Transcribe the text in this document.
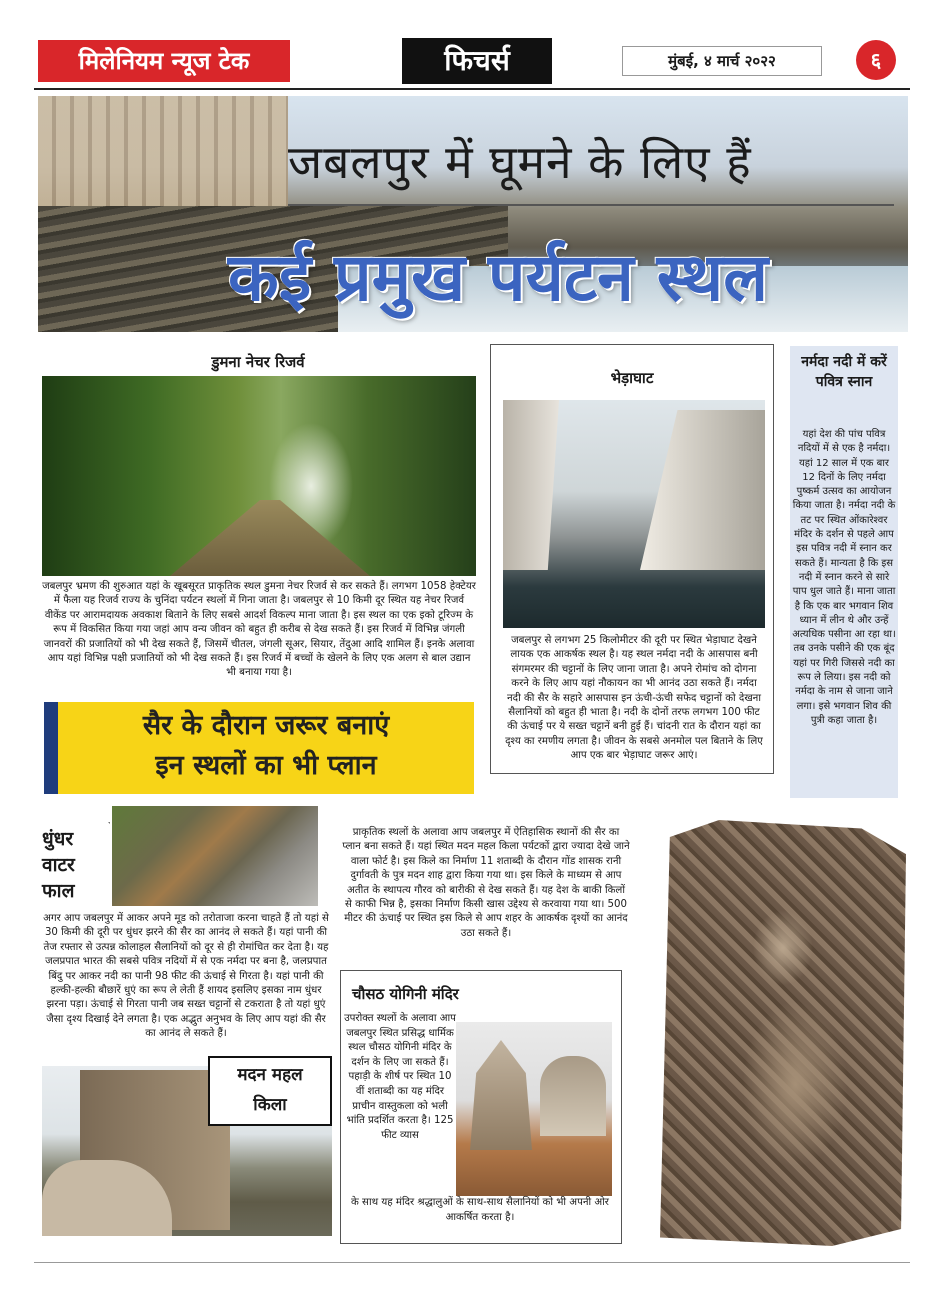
मिलेनियम न्यूज टेक	फिचर्स	मुंबई, ४ मार्च २०२२	६
जबलपुर में घूमने के लिए हैं
कई प्रमुख पर्यटन स्थल
डुमना नेचर रिजर्व
जबलपुर भ्रमण की शुरुआत यहां के खूबसूरत प्राकृतिक स्थल डुमना नेचर रिजर्व से कर सकते हैं। लगभग 1058 हेक्टेयर में फैला यह रिजर्व राज्य के चुनिंदा पर्यटन स्थलों में गिना जाता है। जबलपुर से 10 किमी दूर स्थित यह नेचर रिजर्व वीकेंड पर आरामदायक अवकाश बिताने के लिए सबसे आदर्श विकल्प माना जाता है। इस स्थल का एक इको टूरिज्म के रूप में विकसित किया गया जहां आप वन्य जीवन को बहुत ही करीब से देख सकते हैं। इस रिजर्व में विभिन्न जंगली जानवरों की प्रजातियों को भी देख सकते हैं, जिसमें चीतल, जंगली सूअर, सियार, तेंदुआ आदि शामिल हैं। इनके अलावा आप यहां विभिन्न पक्षी प्रजातियों को भी देख सकते हैं। इस रिजर्व में बच्चों के खेलने के लिए एक अलग से बाल उद्यान भी बनाया गया है।
भेड़ाघाट
जबलपुर से लगभग 25 किलोमीटर की दूरी पर स्थित भेड़ाघाट देखने लायक एक आकर्षक स्थल है। यह स्थल नर्मदा नदी के आसपास बनी संगमरमर की चट्टानों के लिए जाना जाता है। अपने रोमांच को दोगना करने के लिए आप यहां नौकायन का भी आनंद उठा सकते हैं। नर्मदा नदी की सैर के सहारे आसपास इन ऊंची-ऊंची सफेद चट्टानों को देखना सैलानियों को बहुत ही भाता है। नदी के दोनों तरफ लगभग 100 फीट की ऊंचाई पर ये सख्त चट्टानें बनी हुई हैं। चांदनी रात के दौरान यहां का दृश्य का रमणीय लगता है। जीवन के सबसे अनमोल पल बिताने के लिए आप एक बार भेड़ाघाट जरूर आएं।
नर्मदा नदी में करें पवित्र स्नान
यहां देश की पांच पवित्र नदियों में से एक है नर्मदा। यहां 12 साल में एक बार 12 दिनों के लिए नर्मदा पुष्कर्म उत्सव का आयोजन किया जाता है। नर्मदा नदी के तट पर स्थित ओंकारेश्वर मंदिर के दर्शन से पहले आप इस पवित्र नदी में स्नान कर सकते हैं। मान्यता है कि इस नदी में स्नान करने से सारे पाप धुल जाते हैं। माना जाता है कि एक बार भगवान शिव ध्यान में लीन थे और उन्हें अत्यधिक पसीना आ रहा था। तब उनके पसीने की एक बूंद यहां पर गिरी जिससे नदी का रूप ले लिया। इस नदी को नर्मदा के नाम से जाना जाने लगा। इसे भगवान शिव की पुत्री कहा जाता है।
सैर के दौरान जरूर बनाएं
इन स्थलों का भी प्लान
धुंधर वाटर फाल
अगर आप जबलपुर में आकर अपने मूड को तरोताजा करना चाहते हैं तो यहां से 30 किमी की दूरी पर धुंधर झरने की सैर का आनंद ले सकते हैं। यहां पानी की तेज रफ्तार से उत्पन्न कोलाहल सैलानियों को दूर से ही रोमांचित कर देता है। यह जलप्रपात भारत की सबसे पवित्र नदियों में से एक नर्मदा पर बना है, जलप्रपात बिंदु पर आकर नदी का पानी 98 फीट की ऊंचाई से गिरता है। यहां पानी की हल्की-हल्की बौछारें धुएं का रूप ले लेती हैं शायद इसलिए इसका नाम धुंधर झरना पड़ा। ऊंचाई से गिरता पानी जब सख्त चट्टानों से टकराता है तो यहां धुएं जैसा दृश्य दिखाई देने लगता है। एक अद्भुत अनुभव के लिए आप यहां की सैर का आनंद ले सकते हैं।
प्राकृतिक स्थलों के अलावा आप जबलपुर में ऐतिहासिक स्थानों की सैर का प्लान बना सकते हैं। यहां स्थित मदन महल किला पर्यटकों द्वारा ज्यादा देखे जाने वाला फोर्ट है। इस किले का निर्माण 11 शताब्दी के दौरान गोंड शासक रानी दुर्गावती के पुत्र मदन शाह द्वारा किया गया था। इस किले के माध्यम से आप अतीत के स्थापत्य गौरव को बारीकी से देख सकते हैं। यह देश के बाकी किलों से काफी भिन्न है, इसका निर्माण किसी खास उद्देश्य से करवाया गया था। 500 मीटर की ऊंचाई पर स्थित इस किले से आप शहर के आकर्षक दृश्यों का आनंद उठा सकते हैं।
मदन महल
किला
चौसठ योगिनी मंदिर
उपरोक्त स्थलों के अलावा आप जबलपुर स्थित प्रसिद्ध धार्मिक स्थल चौसठ योगिनी मंदिर के दर्शन के लिए जा सकते हैं। पहाड़ी के शीर्ष पर स्थित 10 वीं शताब्दी का यह मंदिर प्राचीन वास्तुकला को भली भांति प्रदर्शित करता है। 125 फीट व्यास
के साथ यह मंदिर श्रद्धालुओं के साथ-साथ सैलानियों को भी अपनी ओर आकर्षित करता है।
